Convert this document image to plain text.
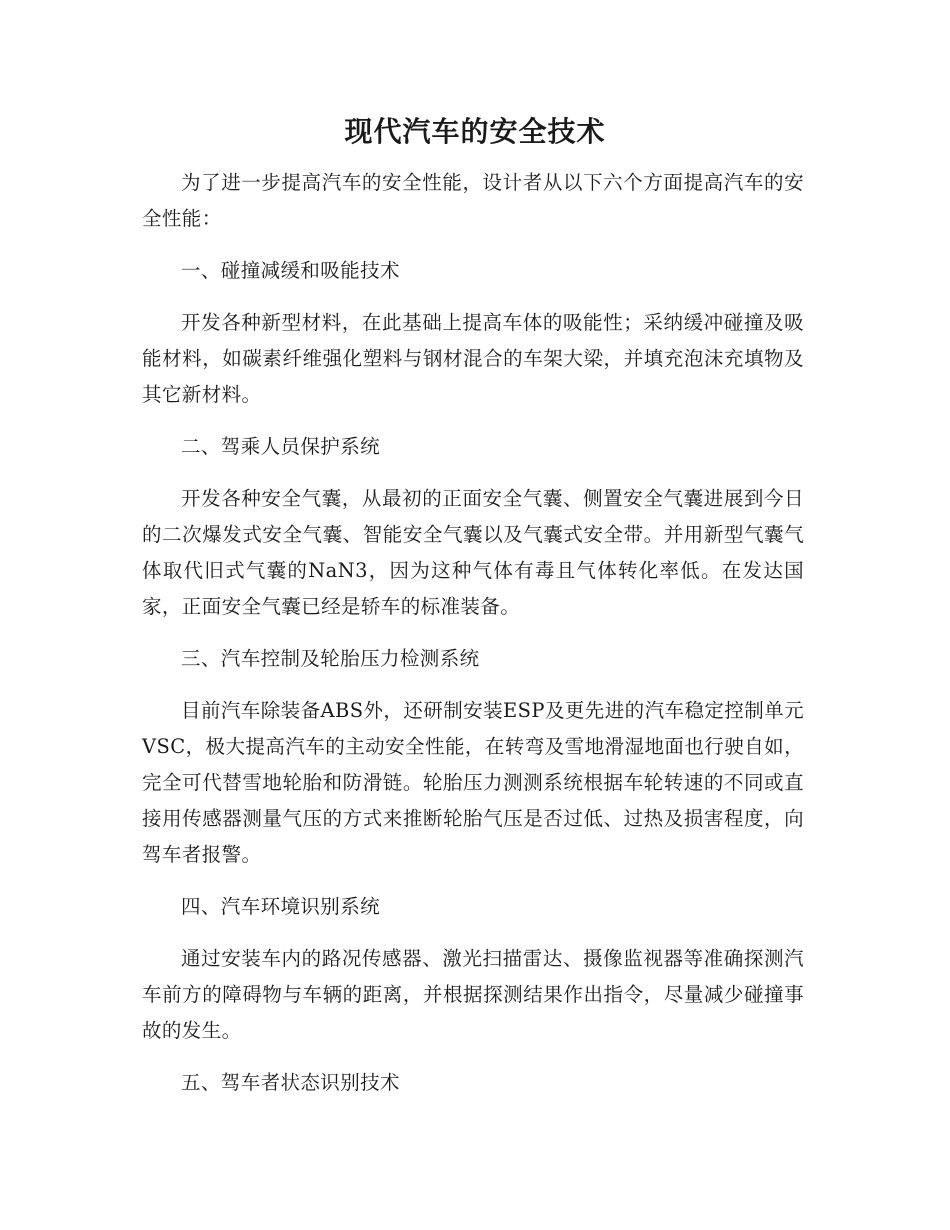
现代汽车的安全技术

为了进一步提高汽车的安全性能，设计者从以下六个方面提高汽车的安全性能：

一、碰撞减缓和吸能技术

开发各种新型材料，在此基础上提高车体的吸能性；采纳缓冲碰撞及吸能材料，如碳素纤维强化塑料与钢材混合的车架大梁，并填充泡沫充填物及其它新材料。

二、驾乘人员保护系统

开发各种安全气囊，从最初的正面安全气囊、侧置安全气囊进展到今日的二次爆发式安全气囊、智能安全气囊以及气囊式安全带。并用新型气囊气体取代旧式气囊的NaN3，因为这种气体有毒且气体转化率低。在发达国家，正面安全气囊已经是轿车的标准装备。

三、汽车控制及轮胎压力检测系统

目前汽车除装备ABS外，还研制安装ESP及更先进的汽车稳定控制单元VSC，极大提高汽车的主动安全性能，在转弯及雪地滑湿地面也行驶自如，完全可代替雪地轮胎和防滑链。轮胎压力测测系统根据车轮转速的不同或直接用传感器测量气压的方式来推断轮胎气压是否过低、过热及损害程度，向驾车者报警。

四、汽车环境识别系统

通过安装车内的路况传感器、激光扫描雷达、摄像监视器等准确探测汽车前方的障碍物与车辆的距离，并根据探测结果作出指令，尽量减少碰撞事故的发生。

五、驾车者状态识别技术
